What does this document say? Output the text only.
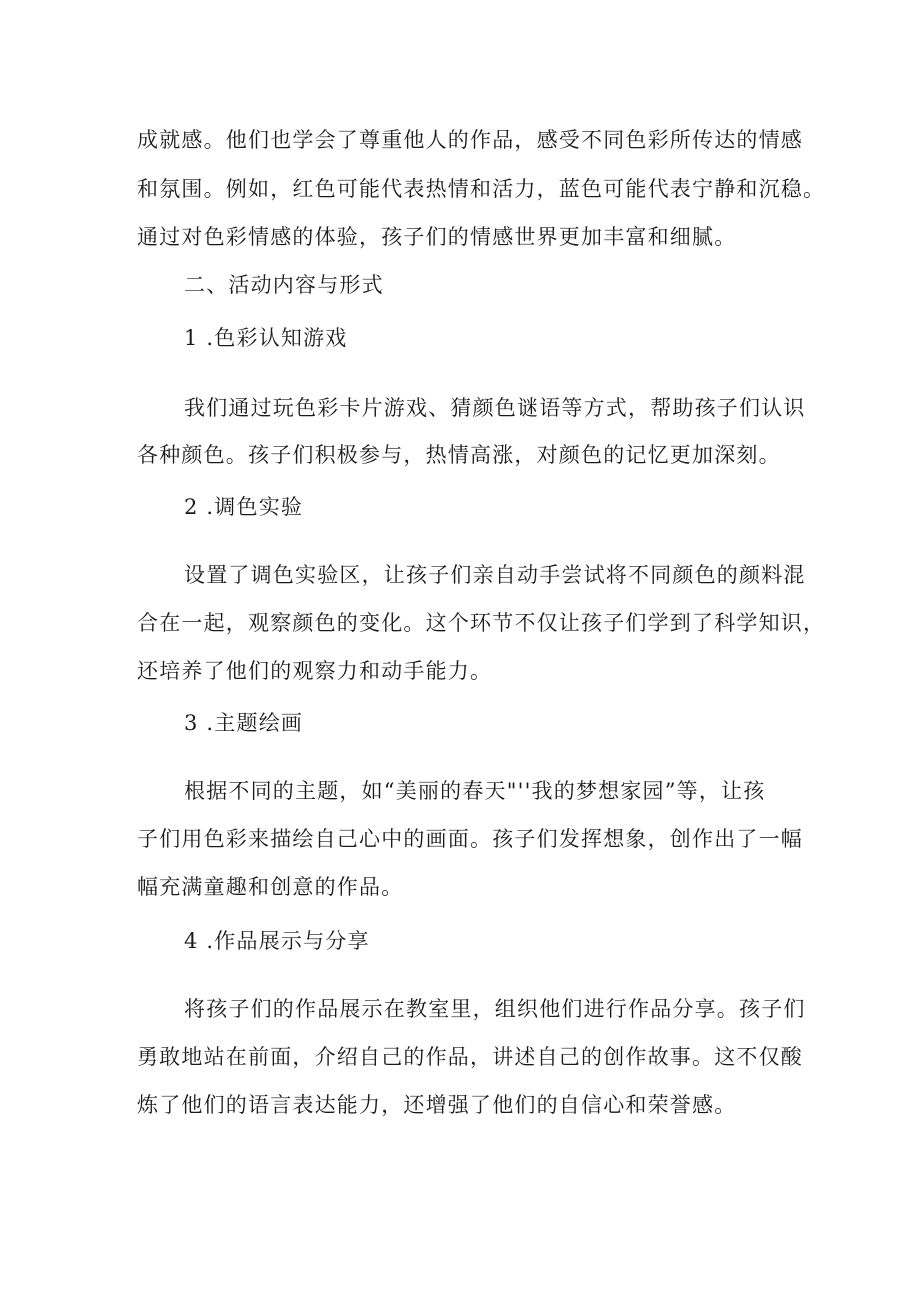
成就感。他们也学会了尊重他人的作品，感受不同色彩所传达的情感
和氛围。例如，红色可能代表热情和活力，蓝色可能代表宁静和沉稳。
通过对色彩情感的体验，孩子们的情感世界更加丰富和细腻。
二、活动内容与形式
1 .色彩认知游戏
我们通过玩色彩卡片游戏、猜颜色谜语等方式，帮助孩子们认识
各种颜色。孩子们积极参与，热情高涨，对颜色的记忆更加深刻。
2 .调色实验
设置了调色实验区，让孩子们亲自动手尝试将不同颜色的颜料混
合在一起，观察颜色的变化。这个环节不仅让孩子们学到了科学知识，
还培养了他们的观察力和动手能力。
3 .主题绘画
根据不同的主题，如“美丽的春天"''我的梦想家园”等，让孩
子们用色彩来描绘自己心中的画面。孩子们发挥想象，创作出了一幅
幅充满童趣和创意的作品。
4 .作品展示与分享
将孩子们的作品展示在教室里，组织他们进行作品分享。孩子们
勇敢地站在前面，介绍自己的作品，讲述自己的创作故事。这不仅酸
炼了他们的语言表达能力，还增强了他们的自信心和荣誉感。
